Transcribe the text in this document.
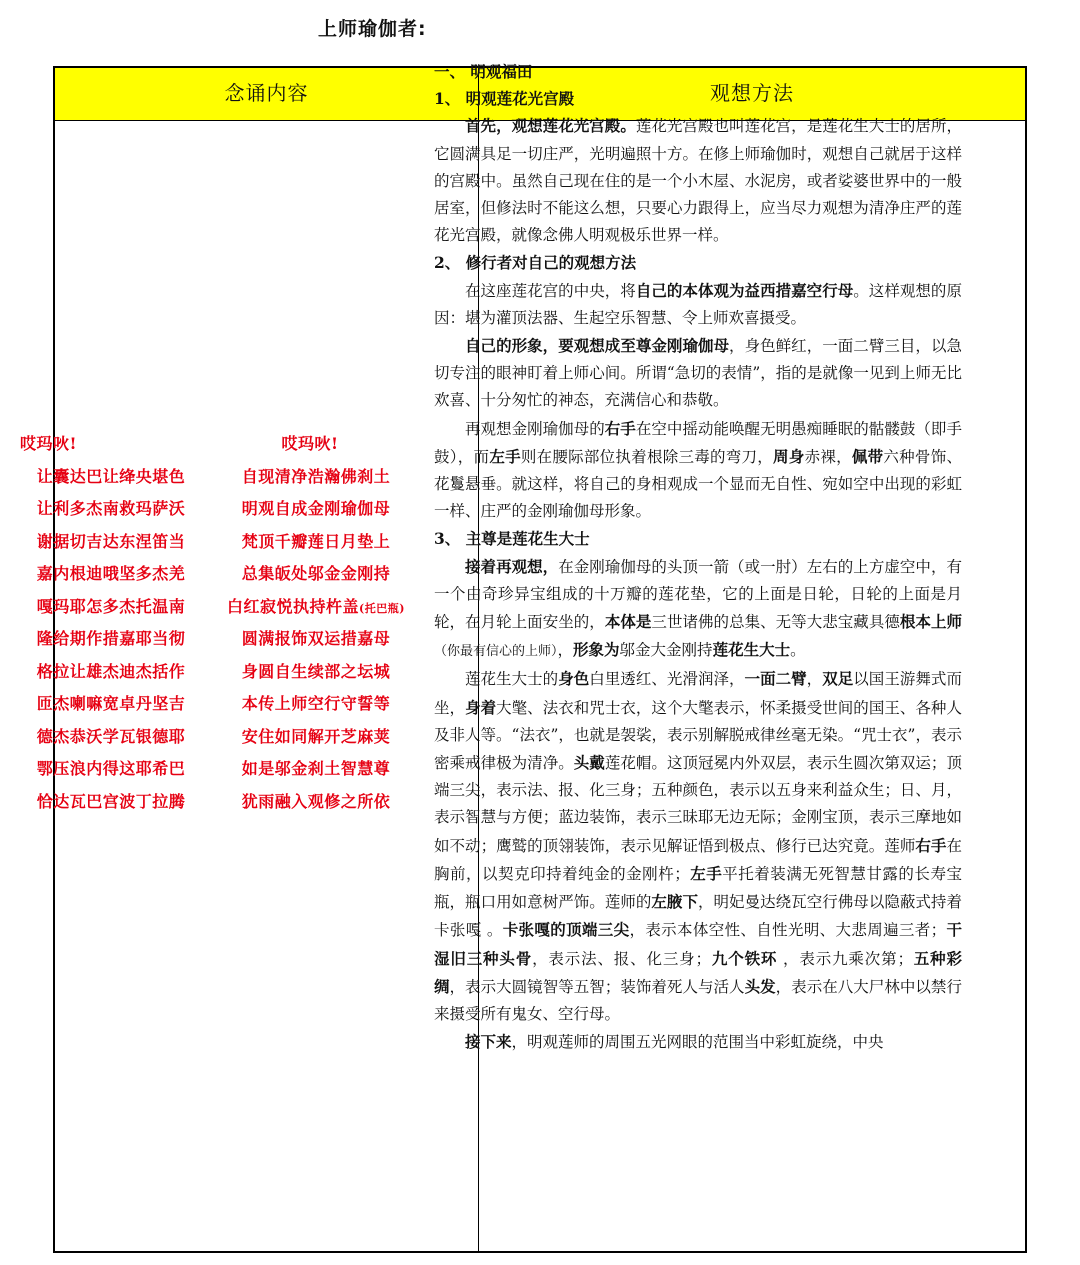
上师瑜伽者:
念诵内容	观想方法
哎玛吙!	哎玛吙!
让囊达巴让绛央堪色	自现清净浩瀚佛刹土
让利多杰南救玛萨沃	明观自成金刚瑜伽母
谢据切吉达东涅笛当	梵顶千瓣莲日月垫上
嘉内根迪哦坚多杰羌	总集皈处邬金金刚持
嘎玛耶怎多杰托温南	白红寂悦执持杵盖(托巴瓶)
隆给期作措嘉耶当彻	圆满报饰双运措嘉母
格拉让雄杰迪杰括作	身圆自生续部之坛城
匝杰喇嘛宽卓丹坚吉	本传上师空行守誓等
德杰恭沃学瓦银德耶	安住如同解开芝麻荚
鄂压浪内得这耶希巴	如是邬金刹土智慧尊
恰达瓦巴宫波丁拉腾	犹雨融入观修之所依

一、 明观福田

1、 明观莲花光宫殿

首先，观想莲花光宫殿。莲花光宫殿也叫莲花宫，是莲花生大士的居所，它圆满具足一切庄严，光明遍照十方。在修上师瑜伽时，观想自己就居于这样的宫殿中。虽然自己现在住的是一个小木屋、水泥房，或者娑婆世界中的一般居室，但修法时不能这么想，只要心力跟得上，应当尽力观想为清净庄严的莲花光宫殿，就像念佛人明观极乐世界一样。

2、 修行者对自己的观想方法

在这座莲花宫的中央，将自己的本体观为益西措嘉空行母。这样观想的原因：堪为灌顶法器、生起空乐智慧、令上师欢喜摄受。

自己的形象，要观想成至尊金刚瑜伽母，身色鲜红，一面二臂三目，以急切专注的眼神盯着上师心间。所谓“急切的表情”，指的是就像一见到上师无比欢喜、十分匆忙的神态，充满信心和恭敬。

再观想金刚瑜伽母的右手在空中摇动能唤醒无明愚痴睡眠的骷髅鼓（即手鼓），而左手则在腰际部位执着根除三毒的弯刀，周身赤裸，佩带六种骨饰、花鬘悬垂。就这样，将自己的身相观成一个显而无自性、宛如空中出现的彩虹一样、庄严的金刚瑜伽母形象。

3、 主尊是莲花生大士

接着再观想，在金刚瑜伽母的头顶一箭（或一肘）左右的上方虚空中，有一个由奇珍异宝组成的十万瓣的莲花垫，它的上面是日轮，日轮的上面是月轮，在月轮上面安坐的，本体是三世诸佛的总集、无等大悲宝藏具德根本上师（你最有信心的上师），形象为邬金大金刚持莲花生大士。

莲花生大士的身色白里透红、光滑润泽，一面二臂，双足以国王游舞式而坐，身着大氅、法衣和咒士衣，这个大氅表示，怀柔摄受世间的国王、各种人及非人等。“法衣”，也就是袈裟，表示别解脱戒律丝毫无染。“咒士衣”，表示密乘戒律极为清净。头戴莲花帽。这顶冠冕内外双层，表示生圆次第双运；顶端三尖，表示法、报、化三身；五种颜色，表示以五身来利益众生；日、月，表示智慧与方便；蓝边装饰，表示三昧耶无边无际；金刚宝顶，表示三摩地如如不动；鹰鹫的顶翎装饰，表示见解证悟到极点、修行已达究竟。莲师右手在胸前，以契克印持着纯金的金刚杵；左手平托着装满无死智慧甘露的长寿宝瓶，瓶口用如意树严饰。莲师的左腋下，明妃曼达绕瓦空行佛母以隐蔽式持着卡张嘎 。卡张嘎的顶端三尖，表示本体空性、自性光明、大悲周遍三者；干湿旧三种头骨，表示法、报、化三身；九个铁环 ，表示九乘次第；五种彩绸，表示大圆镜智等五智；装饰着死人与活人头发，表示在八大尸林中以禁行来摄受所有鬼女、空行母。

接下来，明观莲师的周围五光网眼的范围当中彩虹旋绕，中央
